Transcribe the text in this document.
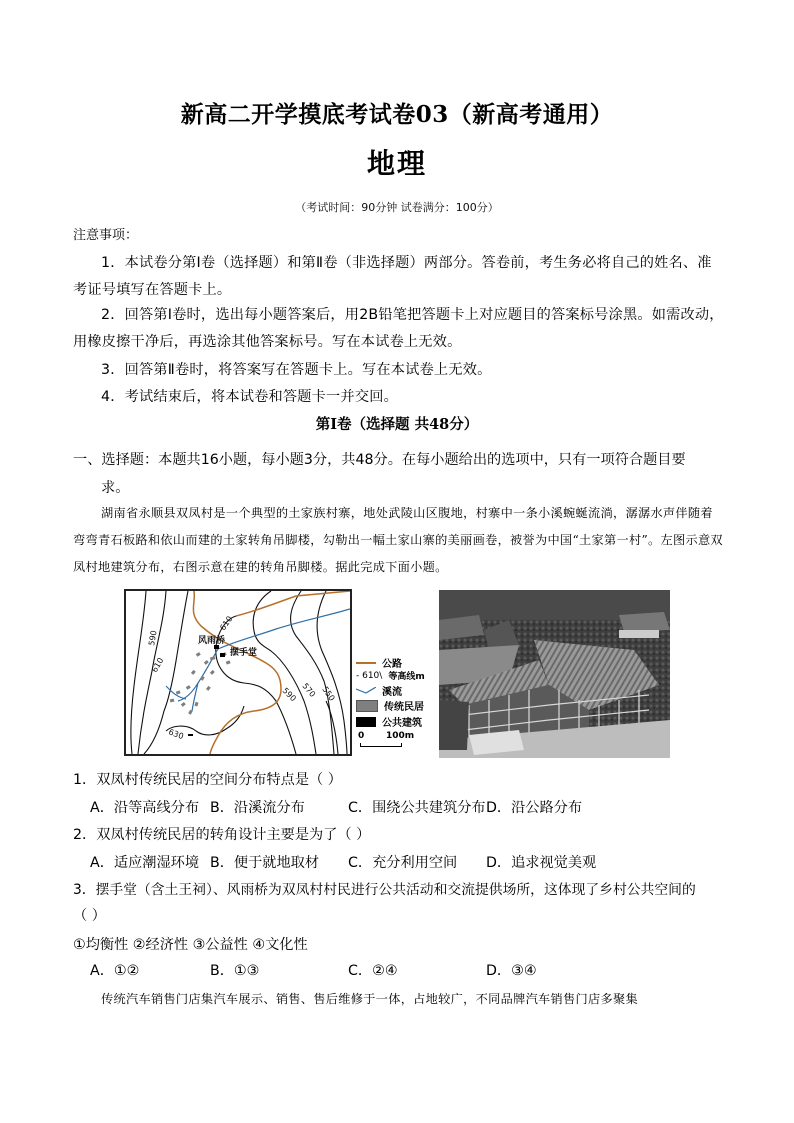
新高二开学摸底考试卷03（新高考通用）
地理
（考试时间：90分钟 试卷满分：100分）
注意事项：
1．本试卷分第Ⅰ卷（选择题）和第Ⅱ卷（非选择题）两部分。答卷前，考生务必将自己的姓名、准考证号填写在答题卡上。
2．回答第Ⅰ卷时，选出每小题答案后，用2B铅笔把答题卡上对应题目的答案标号涂黑。如需改动，用橡皮擦干净后，再选涂其他答案标号。写在本试卷上无效。
3．回答第Ⅱ卷时，将答案写在答题卡上。写在本试卷上无效。
4．考试结束后，将本试卷和答题卡一并交回。
第Ⅰ卷（选择题 共48分）
一、选择题：本题共16小题，每小题3分，共48分。在每小题给出的选项中，只有一项符合题目要
求。
湖南省永顺县双凤村是一个典型的土家族村寨，地处武陵山区腹地，村寨中一条小溪蜿蜒流淌，潺潺水声伴随着弯弯青石板路和依山而建的土家转角吊脚楼，勾勒出一幅土家山寨的美丽画卷，被誉为中国“土家第一村”。左图示意双凤村地建筑分布，右图示意在建的转角吊脚楼。据此完成下面小题。
590
610
610
630
590 570 550
风雨桥
摆手堂
公路
- 610\ 等高线m
溪流
传统民居
公共建筑
0 100m
1．双凤村传统民居的空间分布特点是（ ）
A．沿等高线分布 B．沿溪流分布	C．围绕公共建筑分布 D．沿公路分布
2．双凤村传统民居的转角设计主要是为了（ ）
A．适应潮湿环境 B．便于就地取材 C．充分利用空间 D．追求视觉美观
3．摆手堂（含土王祠）、风雨桥为双凤村村民进行公共活动和交流提供场所，这体现了乡村公共空间的
（ ）
①均衡性 ②经济性 ③公益性 ④文化性
A．①②	B．①③	C．②④	D．③④
传统汽车销售门店集汽车展示、销售、售后维修于一体，占地较广，不同品牌汽车销售门店多聚集
